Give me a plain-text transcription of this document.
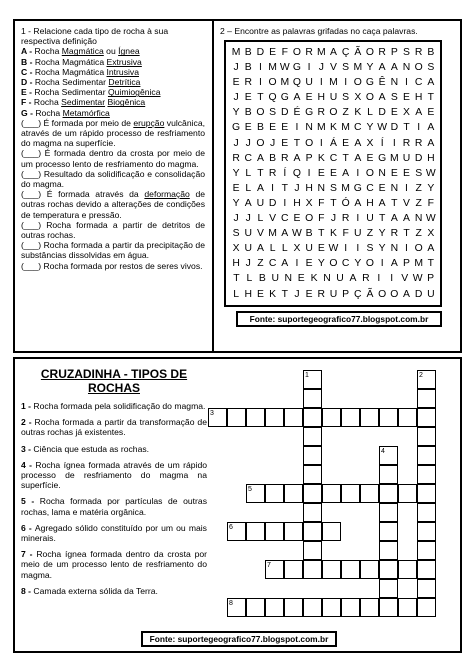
1 - Relacione cada tipo de rocha à sua respectiva definição

A - Rocha Magmática ou Ígnea

B - Rocha Magmática Extrusiva

C - Rocha Magmática Intrusiva

D - Rocha Sedimentar Detrítica

E - Rocha Sedimentar Quimiogênica

F - Rocha Sedimentar Biogênica

G - Rocha Metamórfica

(___) É formada por meio de erupção vulcânica, através de um rápido processo de resfriamento do magma na superfície.

(___) É formada dentro da crosta por meio de um processo lento de resfriamento do magma.

(___) Resultado da solidificação e consolidação do magma.

(___) É formada através da deformação de outras rochas devido a alterações de condições de temperatura e pressão.

(___) Rocha formada a partir de detritos de outras rochas.

(___) Rocha formada a partir da precipitação de substâncias dissolvidas em água.

(___) Rocha formada por restos de seres vivos.

2 – Encontre as palavras grifadas no caça palavras.
M B D E F O R M A Ç Ã O R P S R B
J B I M W G I J V S M Y A A N O S
E R I O M Q U I M I O G Ê N I C A
J E T Q G A E H U S X O A S E H T
Y B O S D É G R O Z K L D E X A E
G E B E E I N M K M C Y W D T I A
J J O J E T O I Á E A X Í I R R A
R C A B R A P K C T A E G M U D H
Y L T R Í Q I E E A I O N E E S W
E L A I T J H N S M G C E N I Z Y
Y A U D I H X F T Ó A H A T V Z F
J J L V C E O F J R I U T A A N W
S U V M A W B T K F U Z Y R T Z X
X U A L L X U E W I I S Y N I O A
H J Z C A I E Y O C Y O I A P M T
T L B U N E K N U A R I I V W P
L H E K T J E R U P Ç Ã O O A D U
Fonte: suportegeografico77.blogspot.com.br
CRUZADINHA - TIPOS DE ROCHAS
1 - Rocha formada pela solidificação do magma.
2 - Rocha formada a partir da transformação de outras rochas já existentes.
3 - Ciência que estuda as rochas.
4 - Rocha ígnea formada através de um rápido processo de resfriamento do magma na superfície.
5 - Rocha formada por partículas de outras rochas, lama e matéria orgânica.
6 - Agregado sólido constituído por um ou mais minerais.
7 - Rocha ígnea formada dentro da crosta por meio de um processo lento de resfriamento do magma.
8 - Camada externa sólida da Terra.
1	2
3
4
5
6
7
8
Fonte: suportegeografico77.blogspot.com.br
